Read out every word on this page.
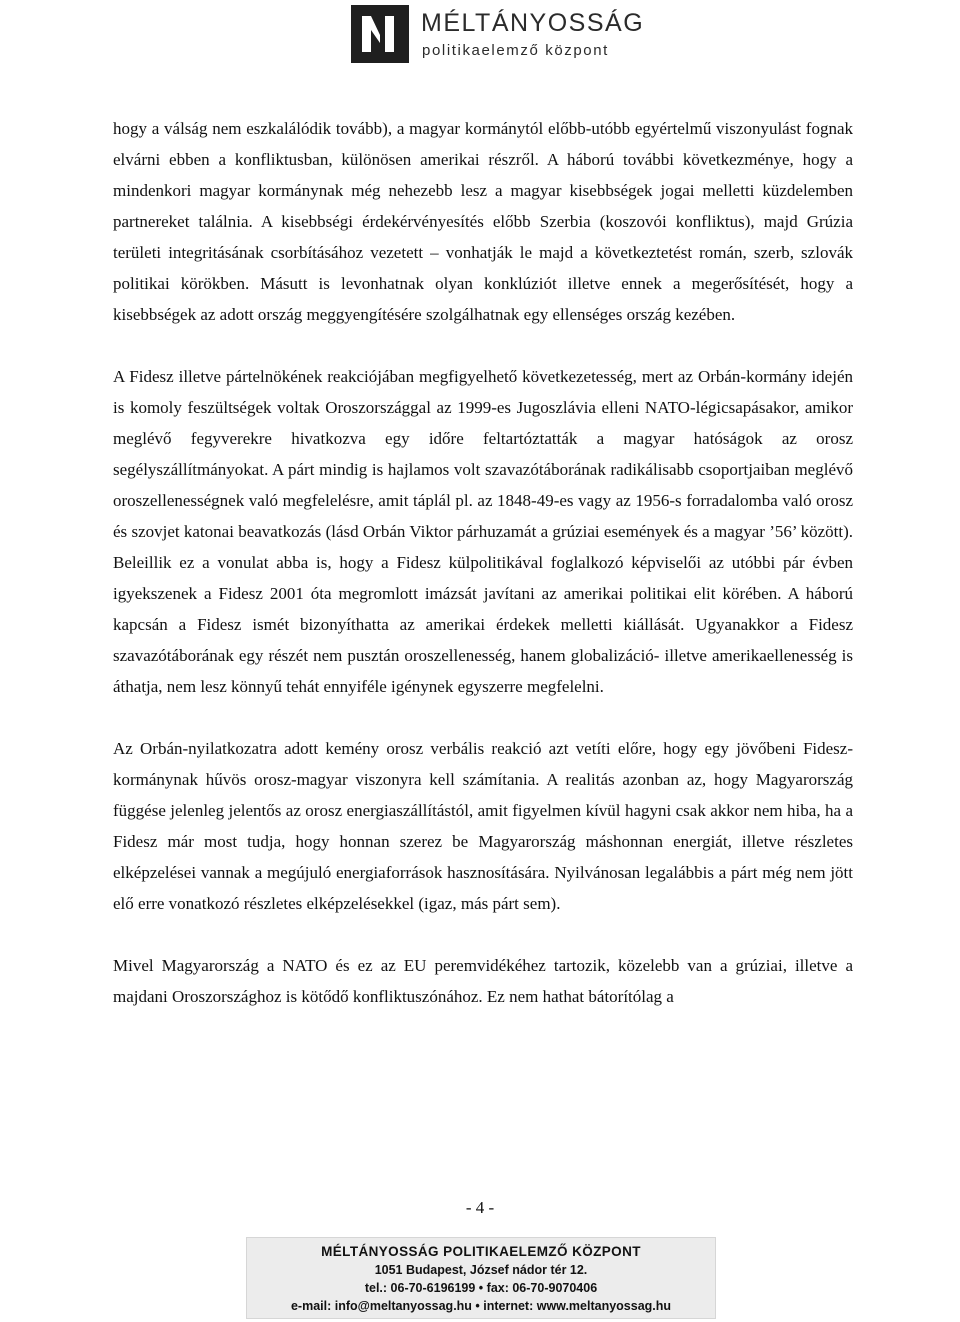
MÉLTÁNYOSSÁG
politikaelemző központ

hogy a válság nem eszkalálódik tovább), a magyar kormánytól előbb-utóbb egyértelmű viszonyulást fognak elvárni ebben a konfliktusban, különösen amerikai részről. A háború további következménye, hogy a mindenkori magyar kormánynak még nehezebb lesz a magyar kisebbségek jogai melletti küzdelemben partnereket találnia. A kisebbségi érdekérvényesítés előbb Szerbia (koszovói konfliktus), majd Grúzia területi integritásának csorbításához vezetett – vonhatják le majd a következtetést román, szerb, szlovák politikai körökben. Másutt is levonhatnak olyan konklúziót illetve ennek a megerősítését, hogy a kisebbségek az adott ország meggyengítésére szolgálhatnak egy ellenséges ország kezében.

A Fidesz illetve pártelnökének reakciójában megfigyelhető következetesség, mert az Orbán-kormány idején is komoly feszültségek voltak Oroszországgal az 1999-es Jugoszlávia elleni NATO-légicsapásakor, amikor meglévő fegyverekre hivatkozva egy időre feltartóztatták a magyar hatóságok az orosz segélyszállítmányokat. A párt mindig is hajlamos volt szavazótáborának radikálisabb csoportjaiban meglévő oroszellenességnek való megfelelésre, amit táplál pl. az 1848-49-es vagy az 1956-s forradalomba való orosz és szovjet katonai beavatkozás (lásd Orbán Viktor párhuzamát a grúziai események és a magyar ’56’ között). Beleillik ez a vonulat abba is, hogy a Fidesz külpolitikával foglalkozó képviselői az utóbbi pár évben igyekszenek a Fidesz 2001 óta megromlott imázsát javítani az amerikai politikai elit körében. A háború kapcsán a Fidesz ismét bizonyíthatta az amerikai érdekek melletti kiállását. Ugyanakkor a Fidesz szavazótáborának egy részét nem pusztán oroszellenesség, hanem globalizáció- illetve amerikaellenesség is áthatja, nem lesz könnyű tehát ennyiféle igénynek egyszerre megfelelni.

Az Orbán-nyilatkozatra adott kemény orosz verbális reakció azt vetíti előre, hogy egy jövőbeni Fidesz-kormánynak hűvös orosz-magyar viszonyra kell számítania. A realitás azonban az, hogy Magyarország függése jelenleg jelentős az orosz energiaszállítástól, amit figyelmen kívül hagyni csak akkor nem hiba, ha a Fidesz már most tudja, hogy honnan szerez be Magyarország máshonnan energiát, illetve részletes elképzelései vannak a megújuló energiaforrások hasznosítására. Nyilvánosan legalábbis a párt még nem jött elő erre vonatkozó részletes elképzelésekkel (igaz, más párt sem).

Mivel Magyarország a NATO és ez az EU peremvidékéhez tartozik, közelebb van a grúziai, illetve a majdani Oroszországhoz is kötődő konfliktuszónához. Ez nem hathat bátorítólag a

- 4 -
MÉLTÁNYOSSÁG POLITIKAELEMZŐ KÖZPONT
1051 Budapest, József nádor tér 12.
tel.: 06-70-6196199 • fax: 06-70-9070406
e-mail: info@meltanyossag.hu • internet: www.meltanyossag.hu
